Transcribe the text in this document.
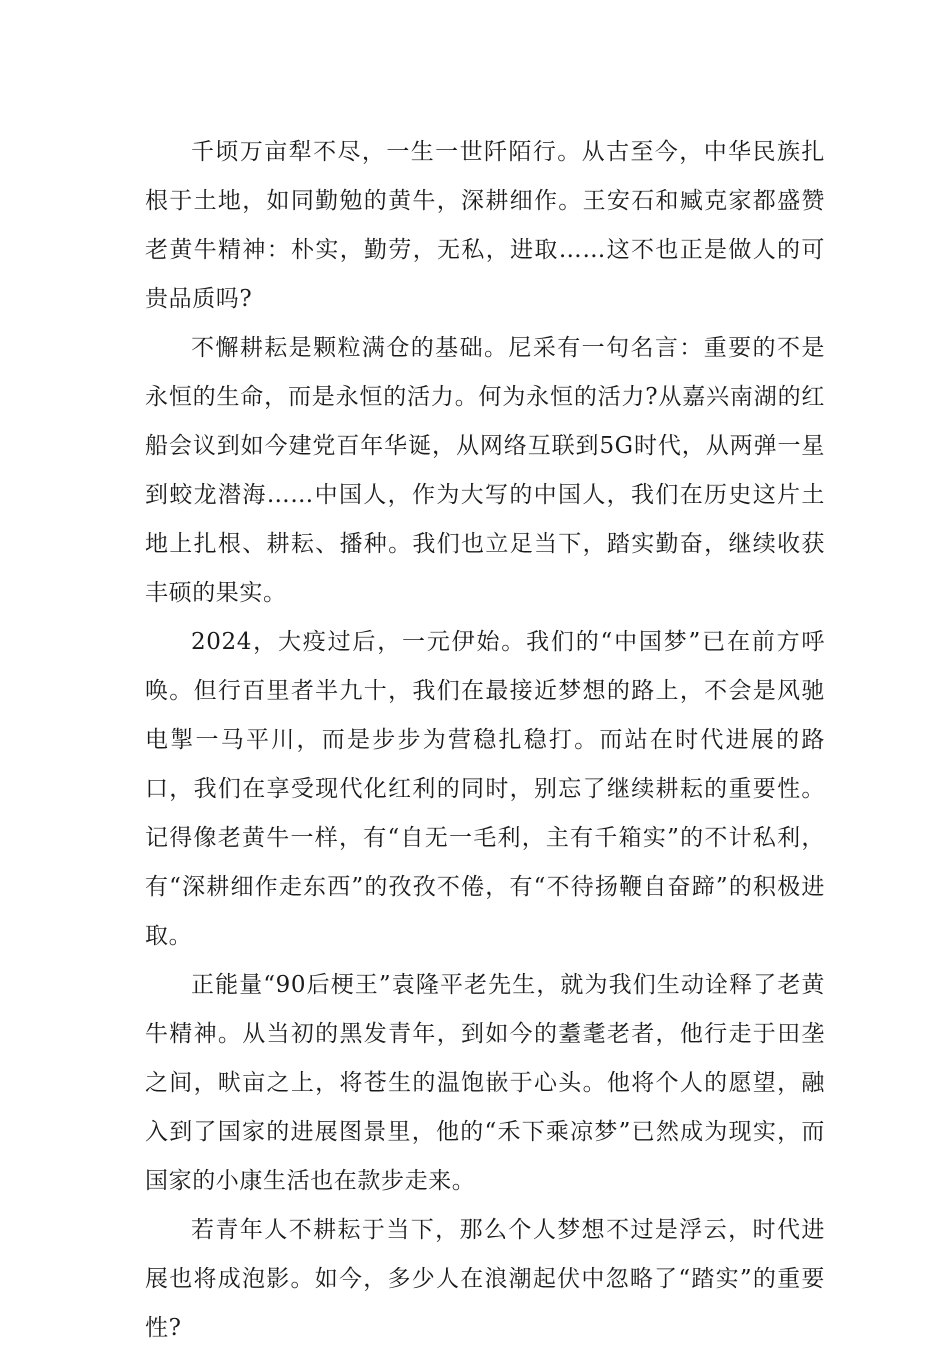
千顷万亩犁不尽，一生一世阡陌行。从古至今，中华民族扎根于土地，如同勤勉的黄牛，深耕细作。王安石和臧克家都盛赞老黄牛精神：朴实，勤劳，无私，进取……这不也正是做人的可贵品质吗?

不懈耕耘是颗粒满仓的基础。尼采有一句名言：重要的不是永恒的生命，而是永恒的活力。何为永恒的活力?从嘉兴南湖的红船会议到如今建党百年华诞，从网络互联到5G时代，从两弹一星到蛟龙潜海……中国人，作为大写的中国人，我们在历史这片土地上扎根、耕耘、播种。我们也立足当下，踏实勤奋，继续收获丰硕的果实。

2024，大疫过后，一元伊始。我们的“中国梦”已在前方呼唤。但行百里者半九十，我们在最接近梦想的路上，不会是风驰电掣一马平川，而是步步为营稳扎稳打。而站在时代进展的路口，我们在享受现代化红利的同时，别忘了继续耕耘的重要性。记得像老黄牛一样，有“自无一毛利，主有千箱实”的不计私利，有“深耕细作走东西”的孜孜不倦，有“不待扬鞭自奋蹄”的积极进取。

正能量“90后梗王”袁隆平老先生，就为我们生动诠释了老黄牛精神。从当初的黑发青年，到如今的耋耄老者，他行走于田垄之间，畎亩之上，将苍生的温饱嵌于心头。他将个人的愿望，融入到了国家的进展图景里，他的“禾下乘凉梦”已然成为现实，而国家的小康生活也在款步走来。

若青年人不耕耘于当下，那么个人梦想不过是浮云，时代进展也将成泡影。如今，多少人在浪潮起伏中忽略了“踏实”的重要性?
